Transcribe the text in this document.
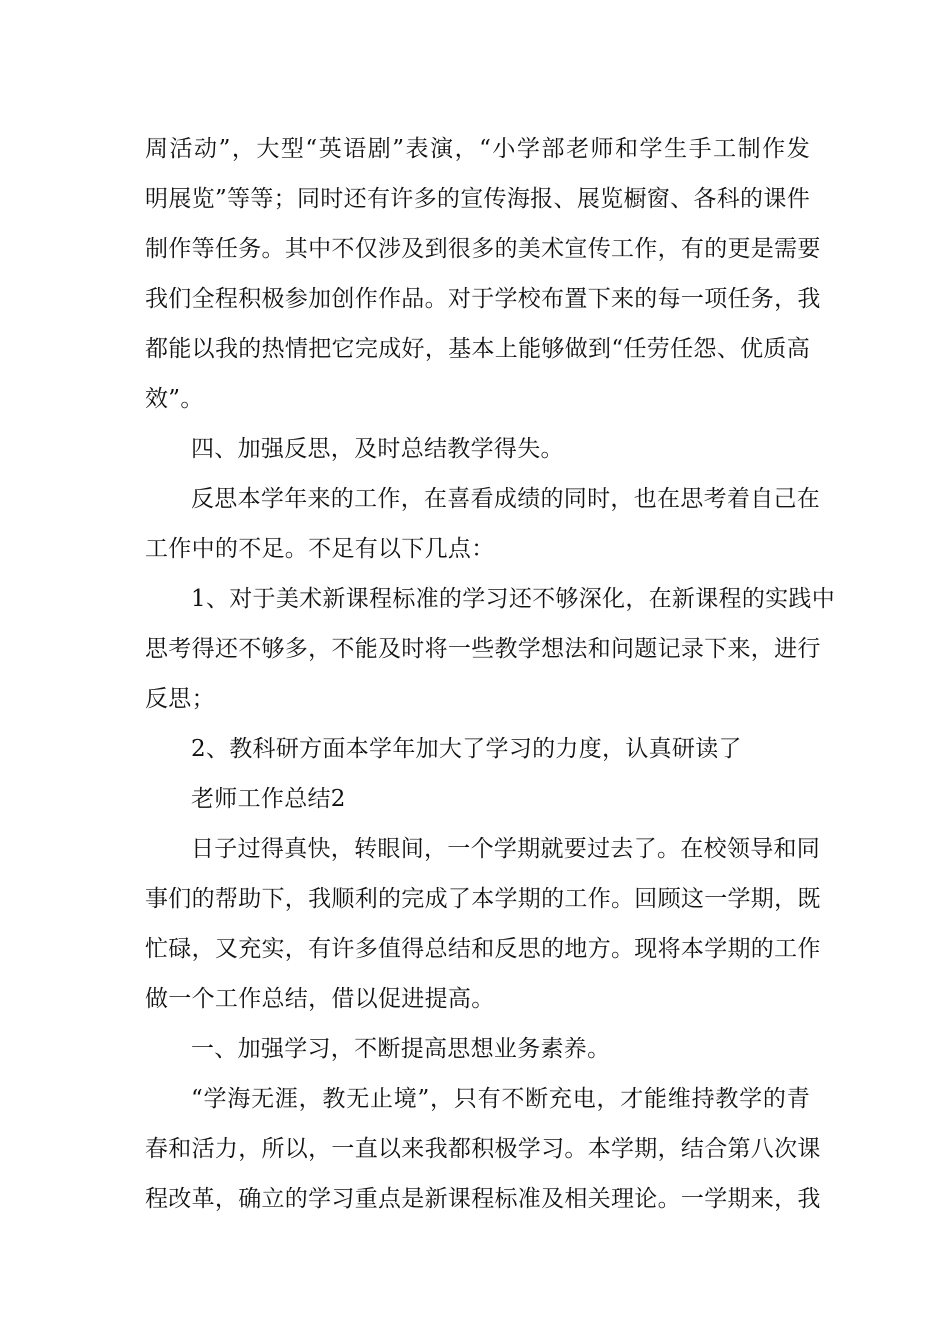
周活动”，大型“英语剧”表演，“小学部老师和学生手工制作发
明展览”等等；同时还有许多的宣传海报、展览橱窗、各科的课件
制作等任务。其中不仅涉及到很多的美术宣传工作，有的更是需要
我们全程积极参加创作作品。对于学校布置下来的每一项任务，我
都能以我的热情把它完成好，基本上能够做到“任劳任怨、优质高
效”。
四、加强反思，及时总结教学得失。
反思本学年来的工作，在喜看成绩的同时，也在思考着自己在
工作中的不足。不足有以下几点：
1、对于美术新课程标准的学习还不够深化，在新课程的实践中
思考得还不够多，不能及时将一些教学想法和问题记录下来，进行
反思；
2、教科研方面本学年加大了学习的力度，认真研读了
老师工作总结2
日子过得真快，转眼间，一个学期就要过去了。在校领导和同
事们的帮助下，我顺利的完成了本学期的工作。回顾这一学期，既
忙碌，又充实，有许多值得总结和反思的地方。现将本学期的工作
做一个工作总结，借以促进提高。
一、加强学习，不断提高思想业务素养。
“学海无涯，教无止境”，只有不断充电，才能维持教学的青
春和活力，所以，一直以来我都积极学习。本学期，结合第八次课
程改革，确立的学习重点是新课程标准及相关理论。一学期来，我
